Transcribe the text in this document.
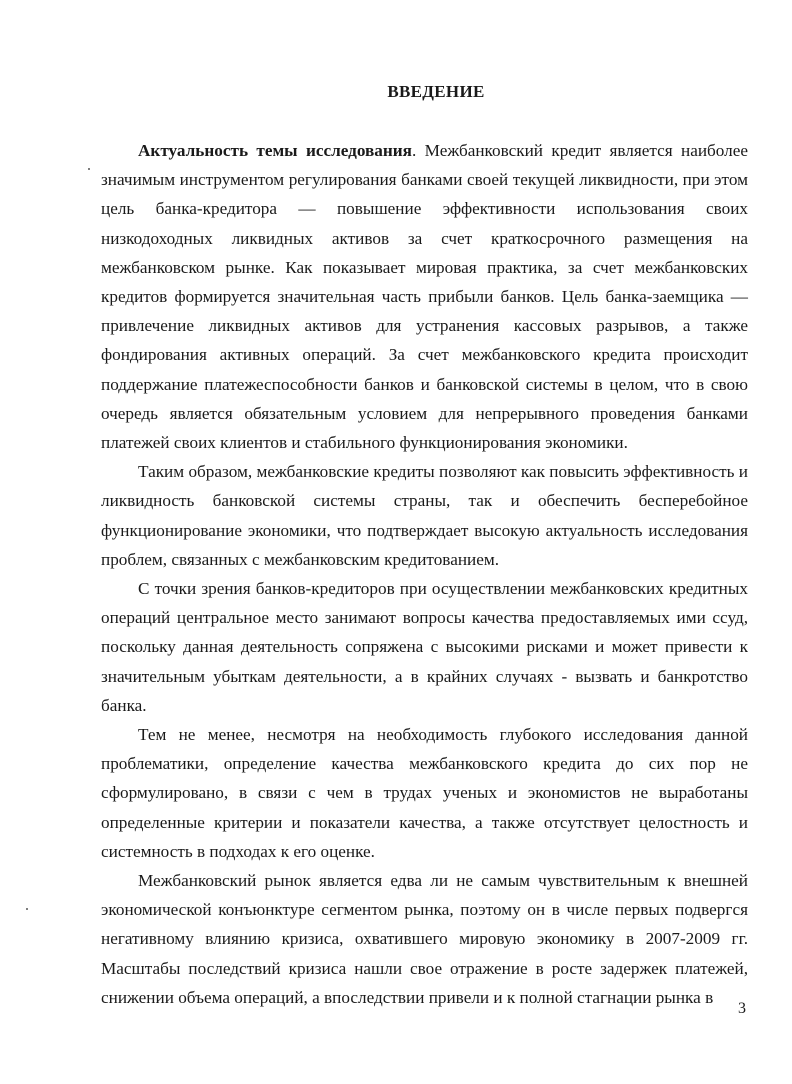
ВВЕДЕНИЕ

Актуальность темы исследования. Межбанковский кредит является наиболее значимым инструментом регулирования банками своей текущей ликвидности, при этом цель банка-кредитора — повышение эффективности использования своих низкодоходных ликвидных активов за счет краткосрочного размещения на межбанковском рынке. Как показывает мировая практика, за счет межбанковских кредитов формируется значительная часть прибыли банков. Цель банка-заемщика — привлечение ликвидных активов для устранения кассовых разрывов, а также фондирования активных операций. За счет межбанковского кредита происходит поддержание платежеспособности банков и банковской системы в целом, что в свою очередь является обязательным условием для непрерывного проведения банками платежей своих клиентов и стабильного функционирования экономики.

Таким образом, межбанковские кредиты позволяют как повысить эффективность и ликвидность банковской системы страны, так и обеспечить бесперебойное функционирование экономики, что подтверждает высокую актуальность исследования проблем, связанных с межбанковским кредитованием.

С точки зрения банков-кредиторов при осуществлении межбанковских кредитных операций центральное место занимают вопросы качества предоставляемых ими ссуд, поскольку данная деятельность сопряжена с высокими рисками и может привести к значительным убыткам деятельности, а в крайних случаях - вызвать и банкротство банка.

Тем не менее, несмотря на необходимость глубокого исследования данной проблематики, определение качества межбанковского кредита до сих пор не сформулировано, в связи с чем в трудах ученых и экономистов не выработаны определенные критерии и показатели качества, а также отсутствует целостность и системность в подходах к его оценке.

Межбанковский рынок является едва ли не самым чувствительным к внешней экономической конъюнктуре сегментом рынка, поэтому он в числе первых подвергся негативному влиянию кризиса, охватившего мировую экономику в 2007-2009 гг. Масштабы последствий кризиса нашли свое отражение в росте задержек платежей, снижении объема операций, а впоследствии привели и к полной стагнации рынка в

3
